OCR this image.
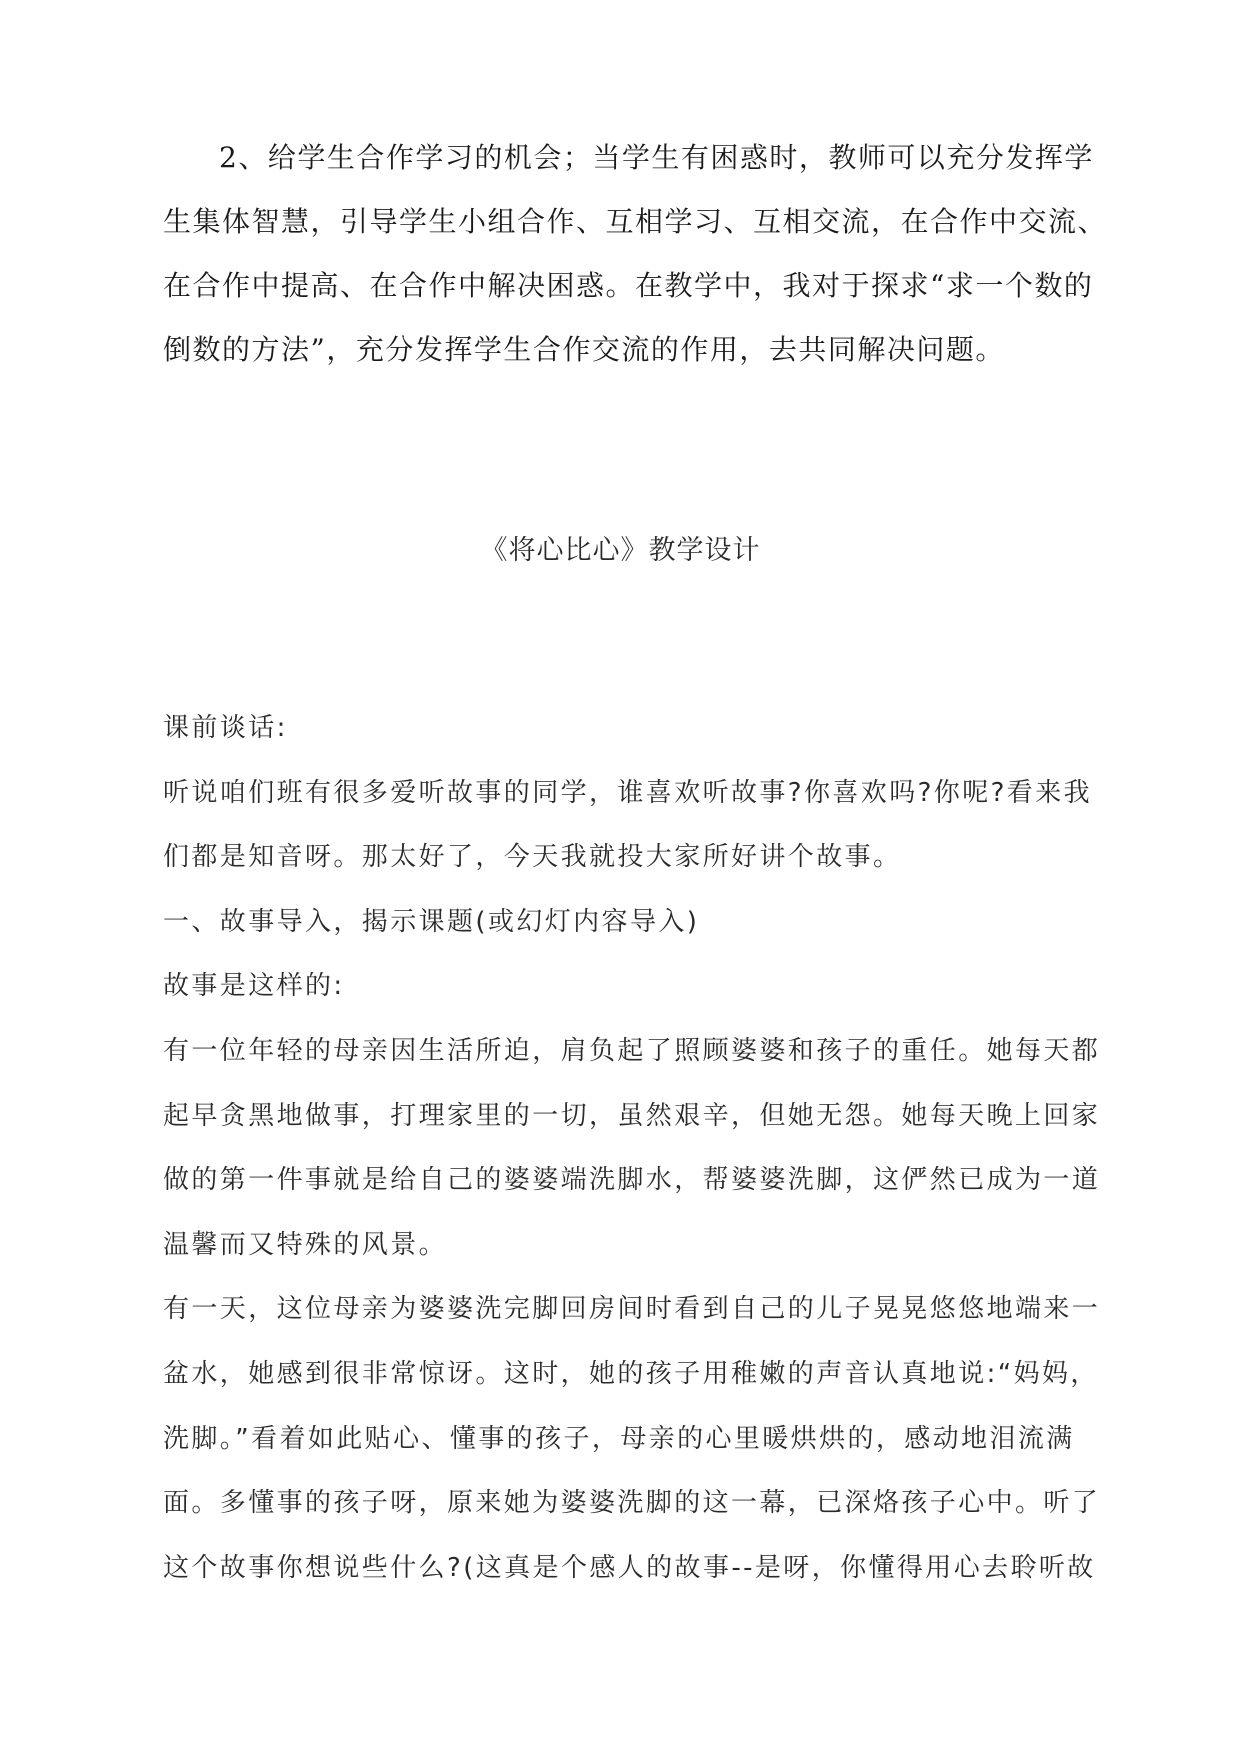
2、给学生合作学习的机会；当学生有困惑时，教师可以充分发挥学生集体智慧，引导学生小组合作、互相学习、互相交流，在合作中交流、在合作中提高、在合作中解决困惑。在教学中，我对于探求“求一个数的倒数的方法”，充分发挥学生合作交流的作用，去共同解决问题。

《将心比心》教学设计

课前谈话:

听说咱们班有很多爱听故事的同学，谁喜欢听故事?你喜欢吗?你呢?看来我们都是知音呀。那太好了，今天我就投大家所好讲个故事。

一、故事导入，揭示课题(或幻灯内容导入)

故事是这样的:

有一位年轻的母亲因生活所迫，肩负起了照顾婆婆和孩子的重任。她每天都起早贪黑地做事，打理家里的一切，虽然艰辛，但她无怨。她每天晚上回家做的第一件事就是给自己的婆婆端洗脚水，帮婆婆洗脚，这俨然已成为一道温馨而又特殊的风景。

有一天，这位母亲为婆婆洗完脚回房间时看到自己的儿子晃晃悠悠地端来一盆水，她感到很非常惊讶。这时，她的孩子用稚嫩的声音认真地说:“妈妈，洗脚。”看着如此贴心、懂事的孩子，母亲的心里暖烘烘的，感动地泪流满面。多懂事的孩子呀，原来她为婆婆洗脚的这一幕，已深烙孩子心中。听了这个故事你想说些什么?(这真是个感人的故事--是呀，你懂得用心去聆听故
